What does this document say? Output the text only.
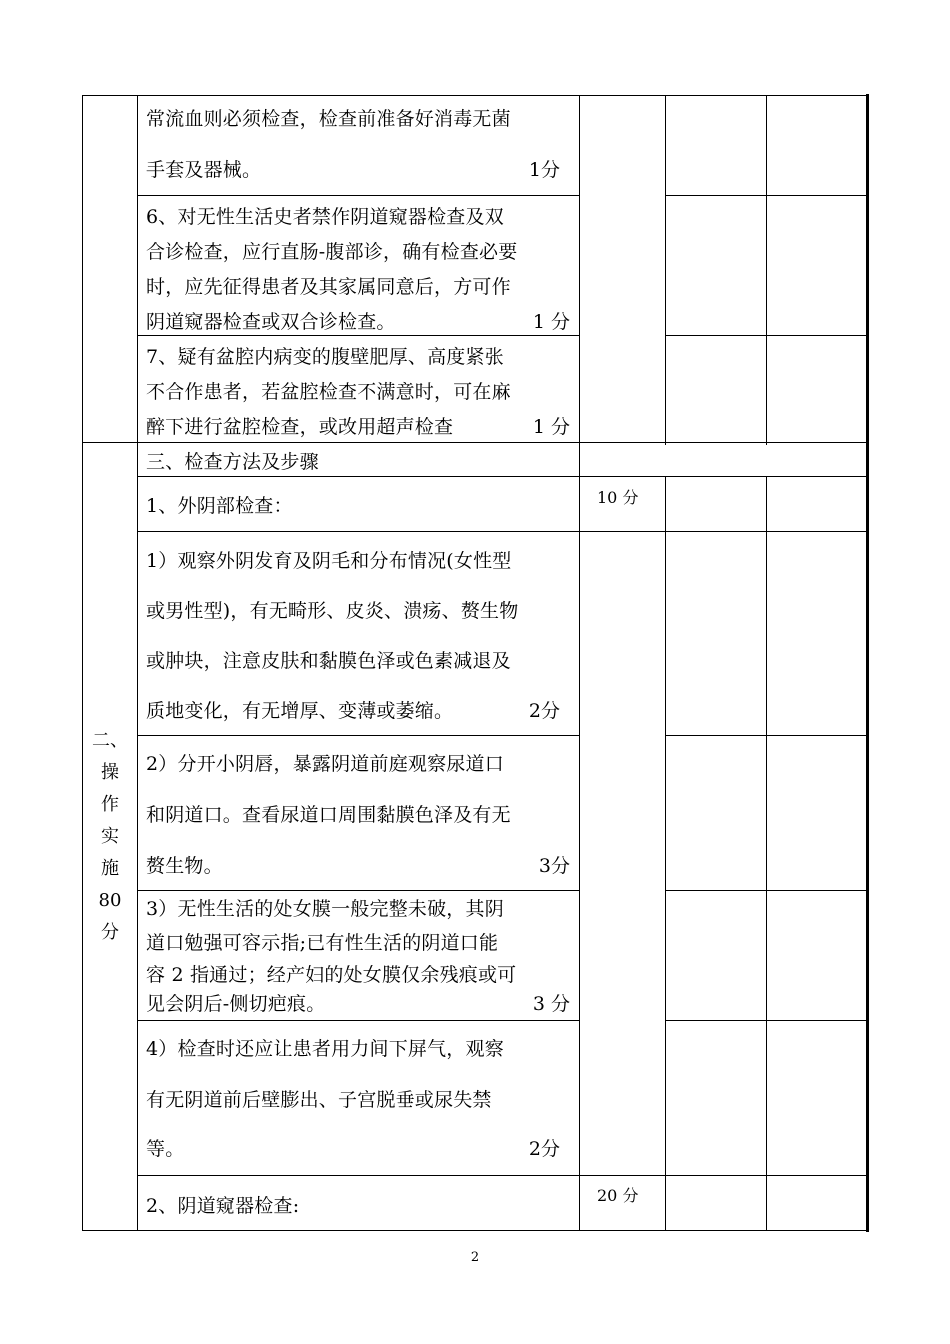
二、
操
作
实
施
80
分
常流血则必须检查，检查前准备好消毒无菌
手套及器械。	1分
6、对无性生活史者禁作阴道窥器检查及双
合诊检查，应行直肠-腹部诊，确有检查必要
时，应先征得患者及其家属同意后，方可作
阴道窥器检查或双合诊检查。	1 分
7、疑有盆腔内病变的腹壁肥厚、高度紧张
不合作患者，若盆腔检查不满意时，可在麻
醉下进行盆腔检查，或改用超声检查	1 分
三、检查方法及步骤
1、外阴部检查：	10 分
1）观察外阴发育及阴毛和分布情况(女性型
或男性型)，有无畸形、皮炎、溃疡、赘生物
或肿块，注意皮肤和黏膜色泽或色素减退及
质地变化，有无增厚、变薄或萎缩。	2分
2）分开小阴唇，暴露阴道前庭观察尿道口
和阴道口。查看尿道口周围黏膜色泽及有无
赘生物。	3分
3）无性生活的处女膜一般完整未破，其阴
道口勉强可容示指;已有性生活的阴道口能
容 2 指通过；经产妇的处女膜仅余残痕或可
见会阴后-侧切疤痕。	3 分
4）检查时还应让患者用力间下屏气，观察
有无阴道前后壁膨出、子宫脱垂或尿失禁
等。	2分
2、阴道窥器检查:	20 分
2
